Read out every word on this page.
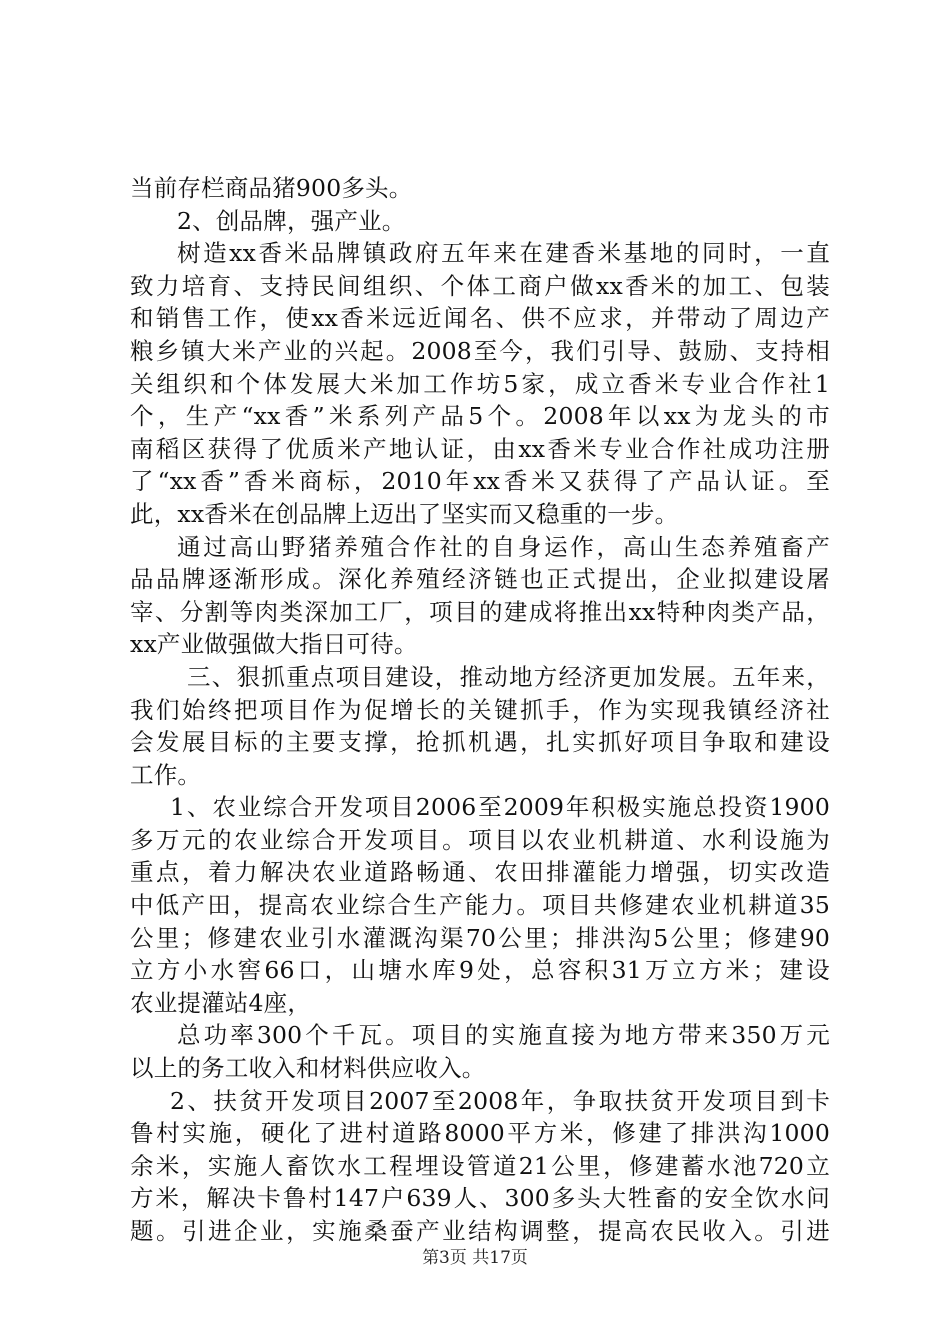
当前存栏商品猪900多头。
2、创品牌，强产业。
树造xx香米品牌镇政府五年来在建香米基地的同时，一直
致力培育、支持民间组织、个体工商户做xx香米的加工、包装
和销售工作，使xx香米远近闻名、供不应求，并带动了周边产
粮乡镇大米产业的兴起。2008至今，我们引导、鼓励、支持相
关组织和个体发展大米加工作坊5家，成立香米专业合作社1
个，生产“xx香”米系列产品5个。2008年以xx为龙头的市
南稻区获得了优质米产地认证，由xx香米专业合作社成功注册
了“xx香”香米商标，2010年xx香米又获得了产品认证。至
此，xx香米在创品牌上迈出了坚实而又稳重的一步。
通过高山野猪养殖合作社的自身运作，高山生态养殖畜产
品品牌逐渐形成。深化养殖经济链也正式提出，企业拟建设屠
宰、分割等肉类深加工厂，项目的建成将推出xx特种肉类产品，
xx产业做强做大指日可待。
三、狠抓重点项目建设，推动地方经济更加发展。五年来，
我们始终把项目作为促增长的关键抓手，作为实现我镇经济社
会发展目标的主要支撑，抢抓机遇，扎实抓好项目争取和建设
工作。
1、农业综合开发项目2006至2009年积极实施总投资1900
多万元的农业综合开发项目。项目以农业机耕道、水利设施为
重点，着力解决农业道路畅通、农田排灌能力增强，切实改造
中低产田，提高农业综合生产能力。项目共修建农业机耕道35
公里；修建农业引水灌溉沟渠70公里；排洪沟5公里；修建90
立方小水窖66口，山塘水库9处，总容积31万立方米；建设
农业提灌站4座，
总功率300个千瓦。项目的实施直接为地方带来350万元
以上的务工收入和材料供应收入。
2、扶贫开发项目2007至2008年，争取扶贫开发项目到卡
鲁村实施，硬化了进村道路8000平方米，修建了排洪沟1000
余米，实施人畜饮水工程埋设管道21公里，修建蓄水池720立
方米，解决卡鲁村147户639人、300多头大牲畜的安全饮水问
题。引进企业，实施桑蚕产业结构调整，提高农民收入。引进
第3页 共17页
